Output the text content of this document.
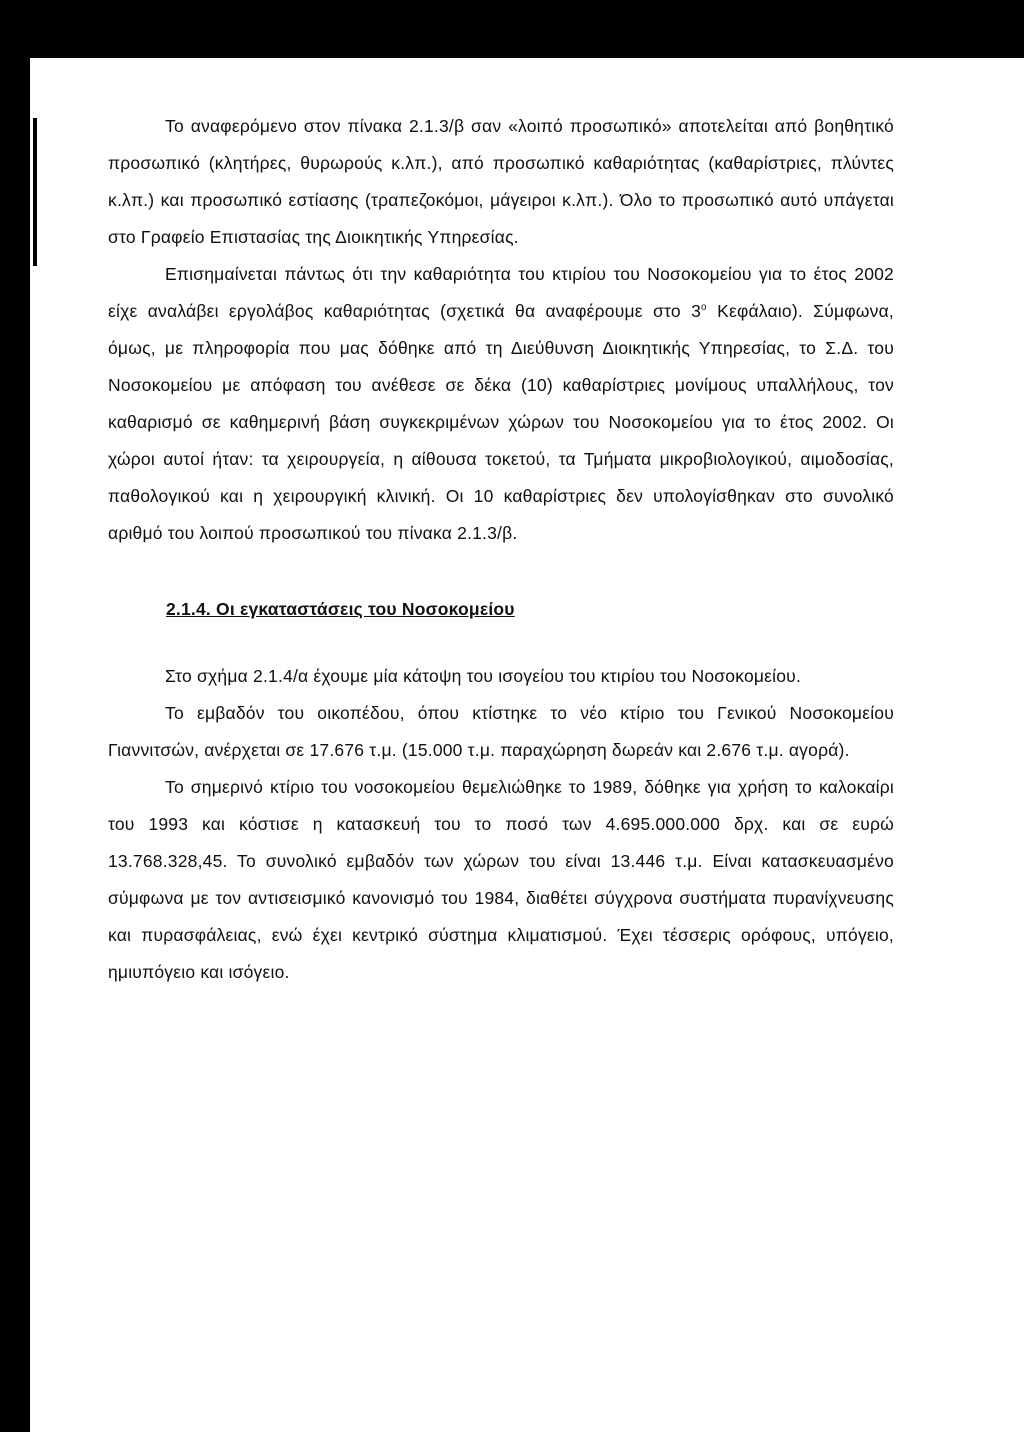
Το αναφερόμενο στον πίνακα 2.1.3/β σαν «λοιπό προσωπικό» αποτελείται από βοηθητικό προσωπικό (κλητήρες, θυρωρούς κ.λπ.), από προσωπικό καθαριότητας (καθαρίστριες, πλύντες κ.λπ.) και προσωπικό εστίασης (τραπεζοκόμοι, μάγειροι κ.λπ.). Όλο το προσωπικό αυτό υπάγεται στο Γραφείο Επιστασίας της Διοικητικής Υπηρεσίας.

Επισημαίνεται πάντως ότι την καθαριότητα του κτιρίου του Νοσοκομείου για το έτος 2002 είχε αναλάβει εργολάβος καθαριότητας (σχετικά θα αναφέρουμε στο $3^o$ Κεφάλαιο). Σύμφωνα, όμως, με πληροφορία που μας δόθηκε από τη Διεύθυνση Διοικητικής Υπηρεσίας, το Σ.Δ. του Νοσοκομείου με απόφαση του ανέθεσε σε δέκα (10) καθαρίστριες μονίμους υπαλλήλους, τον καθαρισμό σε καθημερινή βάση συγκεκριμένων χώρων του Νοσοκομείου για το έτος 2002. Οι χώροι αυτοί ήταν: τα χειρουργεία, η αίθουσα τοκετού, τα Τμήματα μικροβιολογικού, αιμοδοσίας, παθολογικού και η χειρουργική κλινική. Οι 10 καθαρίστριες δεν υπολογίσθηκαν στο συνολικό αριθμό του λοιπού προσωπικού του πίνακα 2.1.3/β.

2.1.4. Οι εγκαταστάσεις του Νοσοκομείου

Στο σχήμα 2.1.4/α έχουμε μία κάτοψη του ισογείου του κτιρίου του Νοσοκομείου.

Το εμβαδόν του οικοπέδου, όπου κτίστηκε το νέο κτίριο του Γενικού Νοσοκομείου Γιαννιτσών, ανέρχεται σε 17.676 τ.μ. (15.000 τ.μ. παραχώρηση δωρεάν και 2.676 τ.μ. αγορά).

Το σημερινό κτίριο του νοσοκομείου θεμελιώθηκε το 1989, δόθηκε για χρήση το καλοκαίρι του 1993 και κόστισε η κατασκευή του το ποσό των 4.695.000.000 δρχ. και σε ευρώ 13.768.328,45. Το συνολικό εμβαδόν των χώρων του είναι 13.446 τ.μ. Είναι κατασκευασμένο σύμφωνα με τον αντισεισμικό κανονισμό του 1984, διαθέτει σύγχρονα συστήματα πυρανίχνευσης και πυρασφάλειας, ενώ έχει κεντρικό σύστημα κλιματισμού. Έχει τέσσερις ορόφους, υπόγειο, ημιυπόγειο και ισόγειο.
